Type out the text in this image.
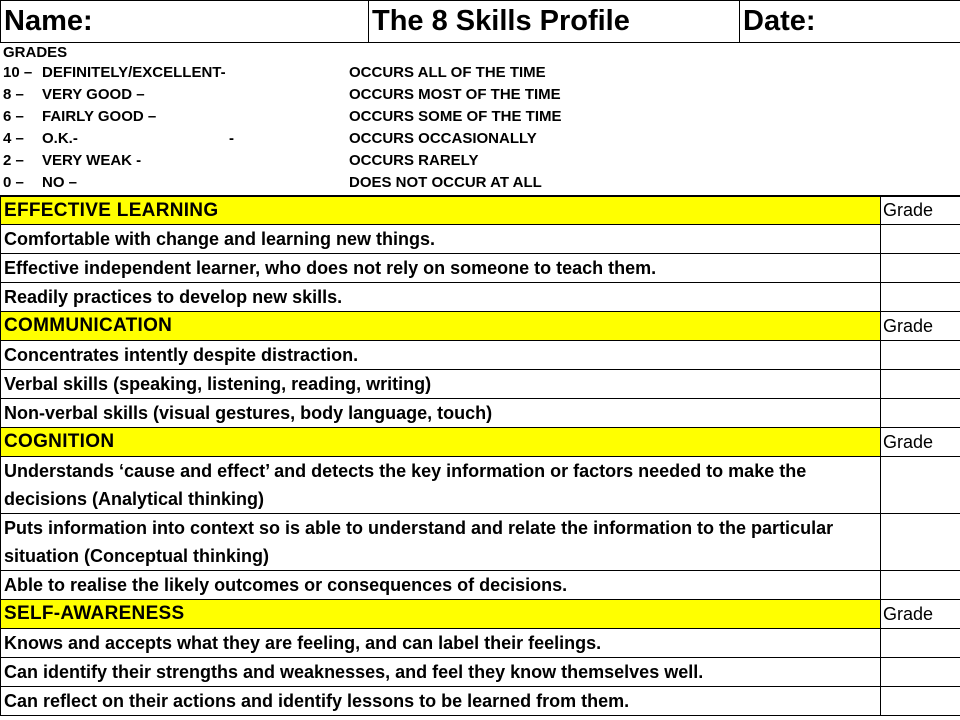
Name:	The 8 Skills Profile	Date:
GRADES
10 – DEFINITELY/EXCELLENT-	OCCURS ALL OF THE TIME
8 – VERY GOOD –	OCCURS MOST OF THE TIME
6 – FAIRLY GOOD –	OCCURS SOME OF THE TIME
4 – O.K.-	-	OCCURS OCCASIONALLY
2 – VERY WEAK -	OCCURS RARELY
0 – NO –	DOES NOT OCCUR AT ALL
EFFECTIVE LEARNING	Grade
Comfortable with change and learning new things.	
Effective independent learner, who does not rely on someone to teach them.	
Readily practices to develop new skills.	
COMMUNICATION	Grade
Concentrates intently despite distraction.	
Verbal skills (speaking, listening, reading, writing)	
Non-verbal skills (visual gestures, body language, touch)	
COGNITION	Grade
Understands ‘cause and effect’ and detects the key information or factors needed to make the decisions (Analytical thinking)	
Puts information into context so is able to understand and relate the information to the particular situation (Conceptual thinking)	
Able to realise the likely outcomes or consequences of decisions.	
SELF-AWARENESS	Grade
Knows and accepts what they are feeling, and can label their feelings.	
Can identify their strengths and weaknesses, and feel they know themselves well.	
Can reflect on their actions and identify lessons to be learned from them.	
